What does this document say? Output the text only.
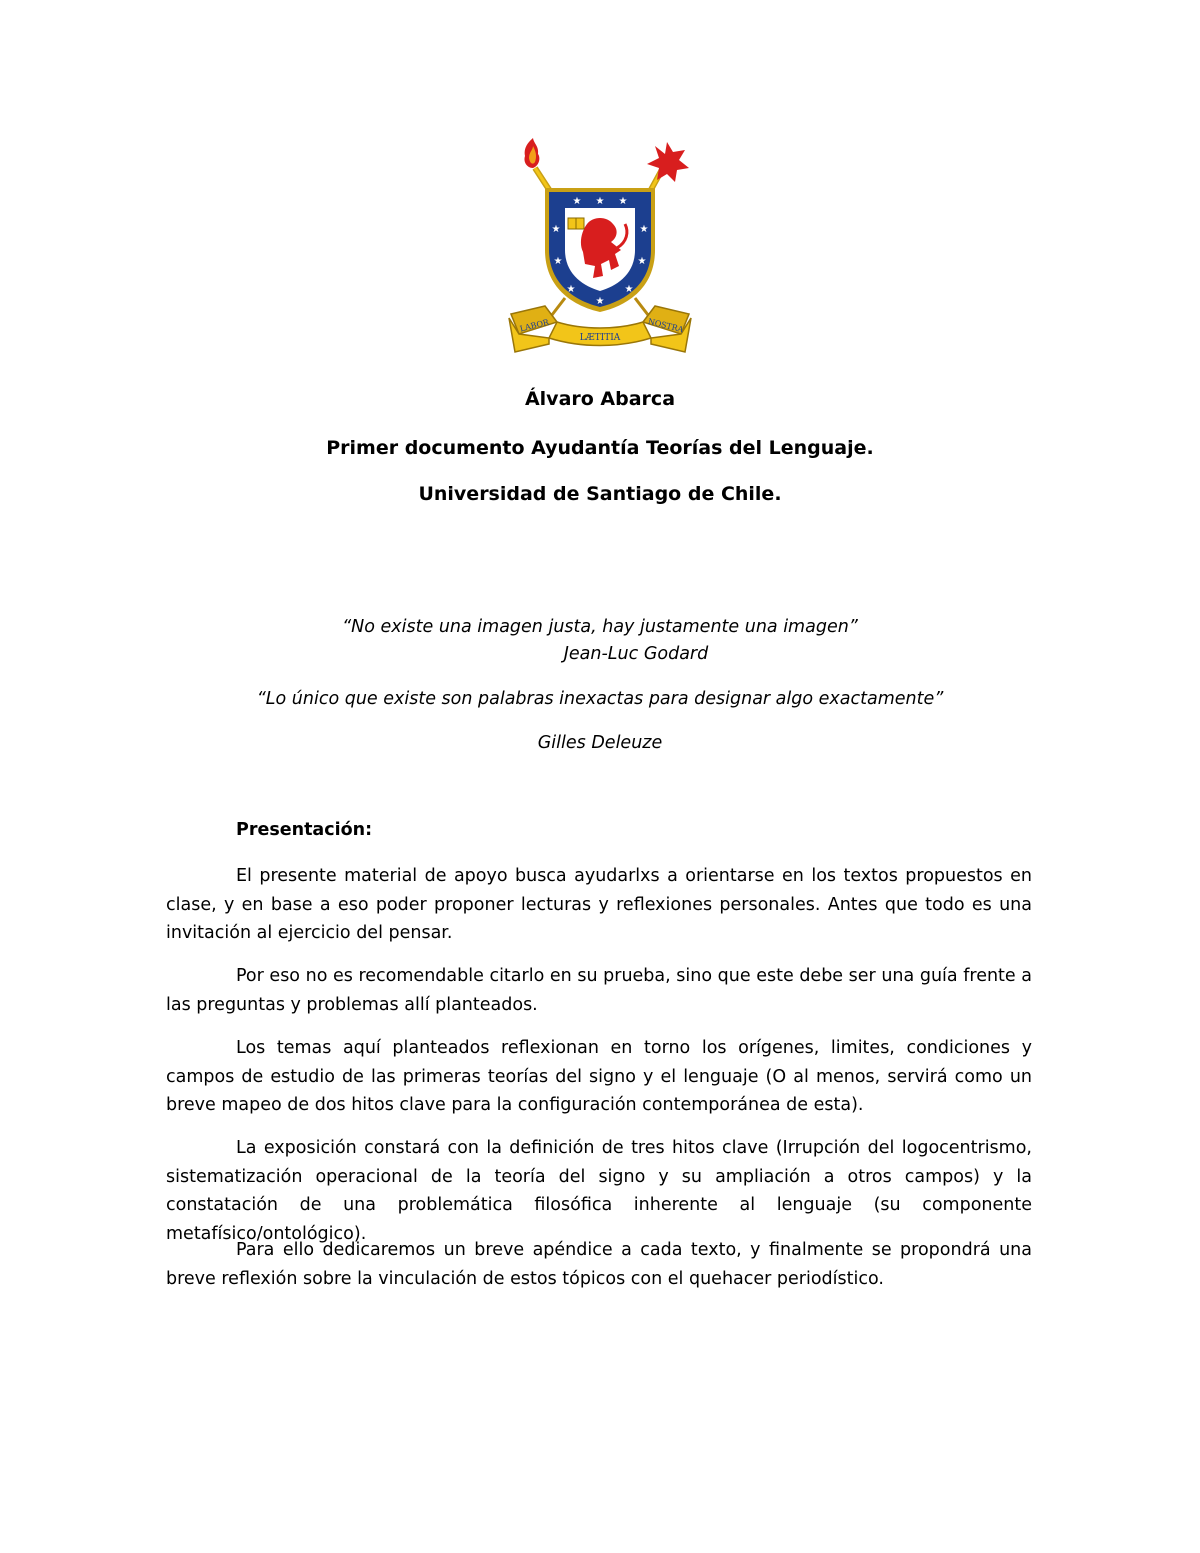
★ ★ ★
★	★
★	★
★
★
★
LABOR
LÆTITIA
NOSTRA
Álvaro Abarca
Primer documento Ayudantía Teorías del Lenguaje.
Universidad de Santiago de Chile.
“No existe una imagen justa, hay justamente una imagen”
Jean-Luc Godard
“Lo único que existe son palabras inexactas para designar algo exactamente”
Gilles Deleuze
Presentación:

El presente material de apoyo busca ayudarlxs a orientarse en los textos propuestos en clase, y en base a eso poder proponer lecturas y reflexiones personales. Antes que todo es una invitación al ejercicio del pensar.

Por eso no es recomendable citarlo en su prueba, sino que este debe ser una guía frente a las preguntas y problemas allí planteados.

Los temas aquí planteados reflexionan en torno los orígenes, limites, condiciones y campos de estudio de las primeras teorías del signo y el lenguaje (O al menos, servirá como un breve mapeo de dos hitos clave para la configuración contemporánea de esta).

La exposición constará con la definición de tres hitos clave (Irrupción del logocentrismo, sistematización operacional de la teoría del signo y su ampliación a otros campos) y la constatación de una problemática filosófica inherente al lenguaje (su componente metafísico/ontológico).

Para ello dedicaremos un breve apéndice a cada texto, y finalmente se propondrá una breve reflexión sobre la vinculación de estos tópicos con el quehacer periodístico.
